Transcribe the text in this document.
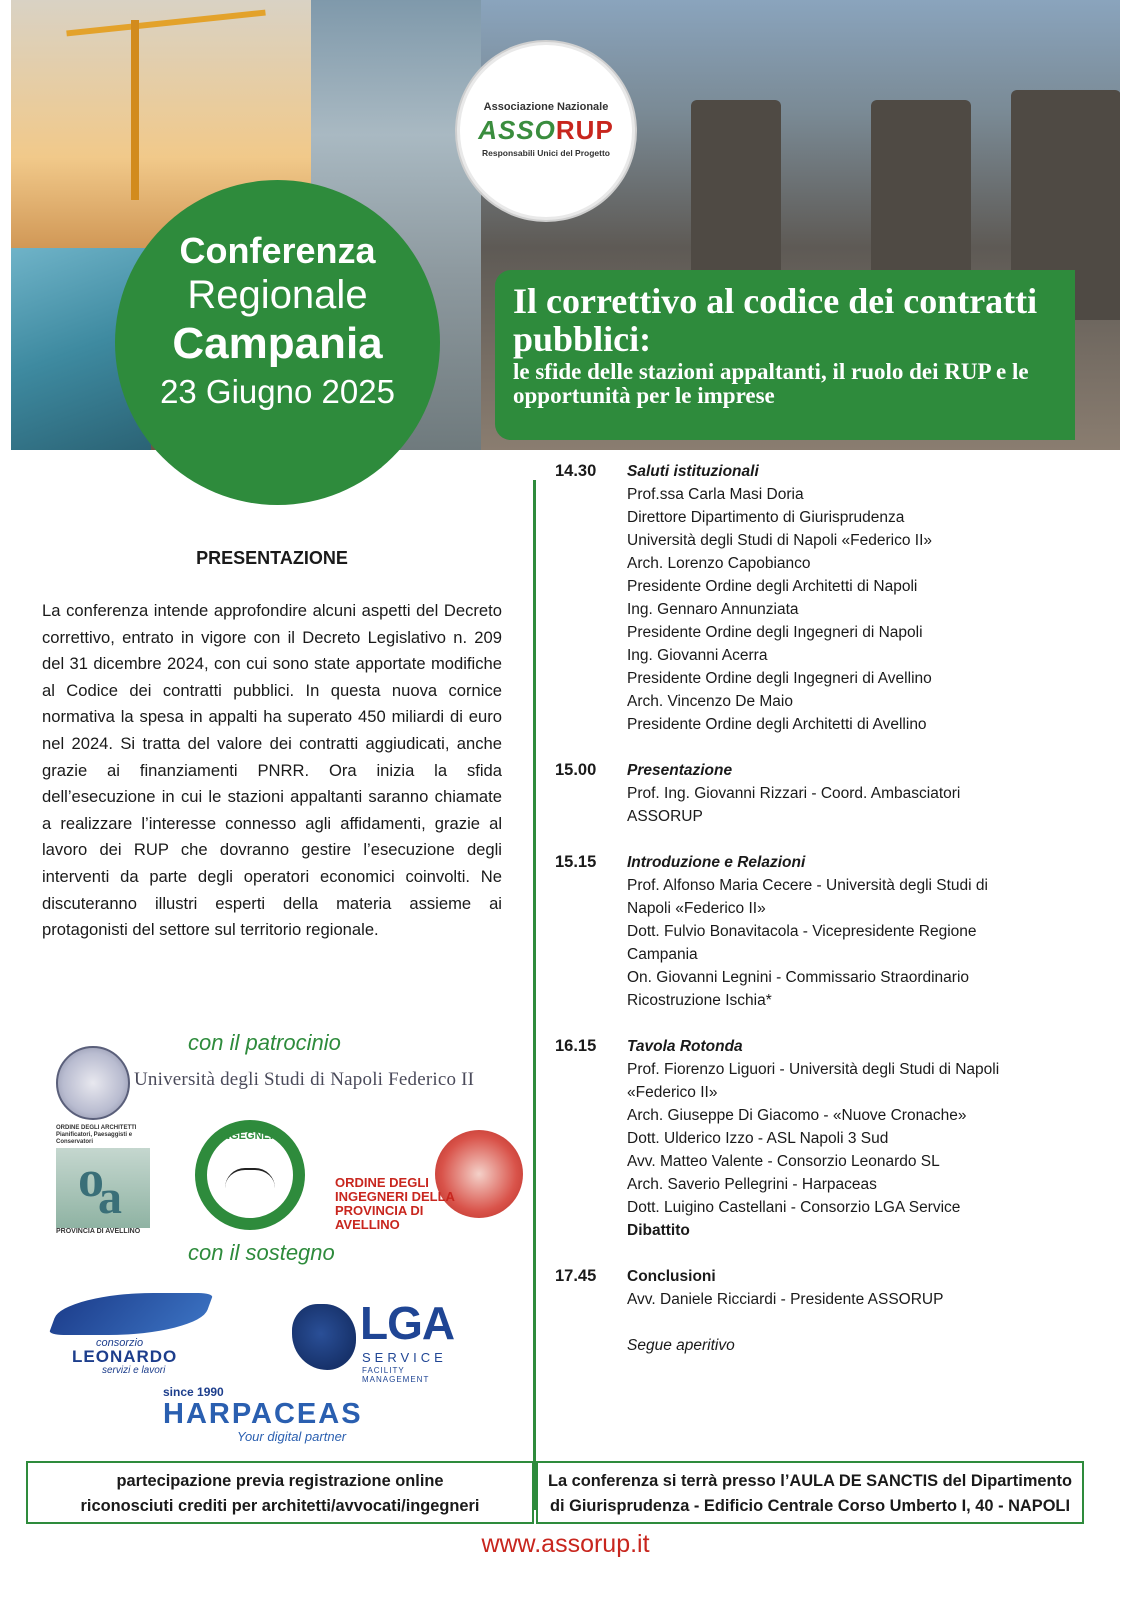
Associazione Nazionale
ASSORUP
Responsabili Unici del Progetto
Conferenza
Regionale
Campania
23 Giugno 2025
Il correttivo al codice dei contratti pubblici:
le sfide delle stazioni appaltanti, il ruolo dei RUP e le opportunità per le imprese
PRESENTAZIONE
La conferenza intende approfondire alcuni aspetti del Decreto correttivo, entrato in vigore con il Decreto Legislativo n. 209 del 31 dicembre 2024, con cui sono state apportate modifiche al Codice dei contratti pubblici. In questa nuova cornice normativa la spesa in appalti ha superato 450 miliardi di euro nel 2024. Si tratta del valore dei contratti aggiudicati, anche grazie ai finanziamenti PNRR. Ora inizia la sfida dell’esecuzione in cui le stazioni appaltanti saranno chiamate a realizzare l’interesse connesso agli affidamenti, grazie al lavoro dei RUP che dovranno gestire l’esecuzione degli interventi da parte degli operatori economici coinvolti. Ne discuteranno illustri esperti della materia assieme ai protagonisti del settore sul territorio regionale.
con il patrocinio
Università degli Studi di Napoli Federico II
ORDINE DEGLI ARCHITETTI Pianificatori, Paesaggisti e Conservatori
o
a
PROVINCIA DI AVELLINO
INGEGNERI
ORDINE DEGLI INGEGNERI DELLA PROVINCIA DI AVELLINO
con il sostegno
consorzio
LEONARDO
servizi e lavori
LGA
SERVICE
FACILITY MANAGEMENT
since 1990
HARPACEAS
Your digital partner
14.30 Saluti istituzionali
Prof.ssa Carla Masi Doria
Direttore Dipartimento di Giurisprudenza
Università degli Studi di Napoli «Federico II»
Arch. Lorenzo Capobianco
Presidente Ordine degli Architetti di Napoli
Ing. Gennaro Annunziata
Presidente Ordine degli Ingegneri di Napoli
Ing. Giovanni Acerra
Presidente Ordine degli Ingegneri di Avellino
Arch. Vincenzo De Maio
Presidente Ordine degli Architetti di Avellino
15.00 Presentazione
Prof. Ing. Giovanni Rizzari - Coord. Ambasciatori
ASSORUP
15.15 Introduzione e Relazioni
Prof. Alfonso Maria Cecere - Università degli Studi di
Napoli «Federico II»
Dott. Fulvio Bonavitacola - Vicepresidente Regione
Campania
On. Giovanni Legnini - Commissario Straordinario
Ricostruzione Ischia*
16.15 Tavola Rotonda
Prof. Fiorenzo Liguori - Università degli Studi di Napoli
«Federico II»
Arch. Giuseppe Di Giacomo - «Nuove Cronache»
Dott. Ulderico Izzo - ASL Napoli 3 Sud
Avv. Matteo Valente - Consorzio Leonardo SL
Arch. Saverio Pellegrini - Harpaceas
Dott. Luigino Castellani - Consorzio LGA Service
Dibattito
17.45 Conclusioni
Avv. Daniele Ricciardi - Presidente ASSORUP
Segue aperitivo
partecipazione previa registrazione online
riconosciuti crediti per architetti/avvocati/ingegneri
La conferenza si terrà presso l’AULA DE SANCTIS del Dipartimento
di Giurisprudenza - Edificio Centrale Corso Umberto I, 40 - NAPOLI
www.assorup.it
